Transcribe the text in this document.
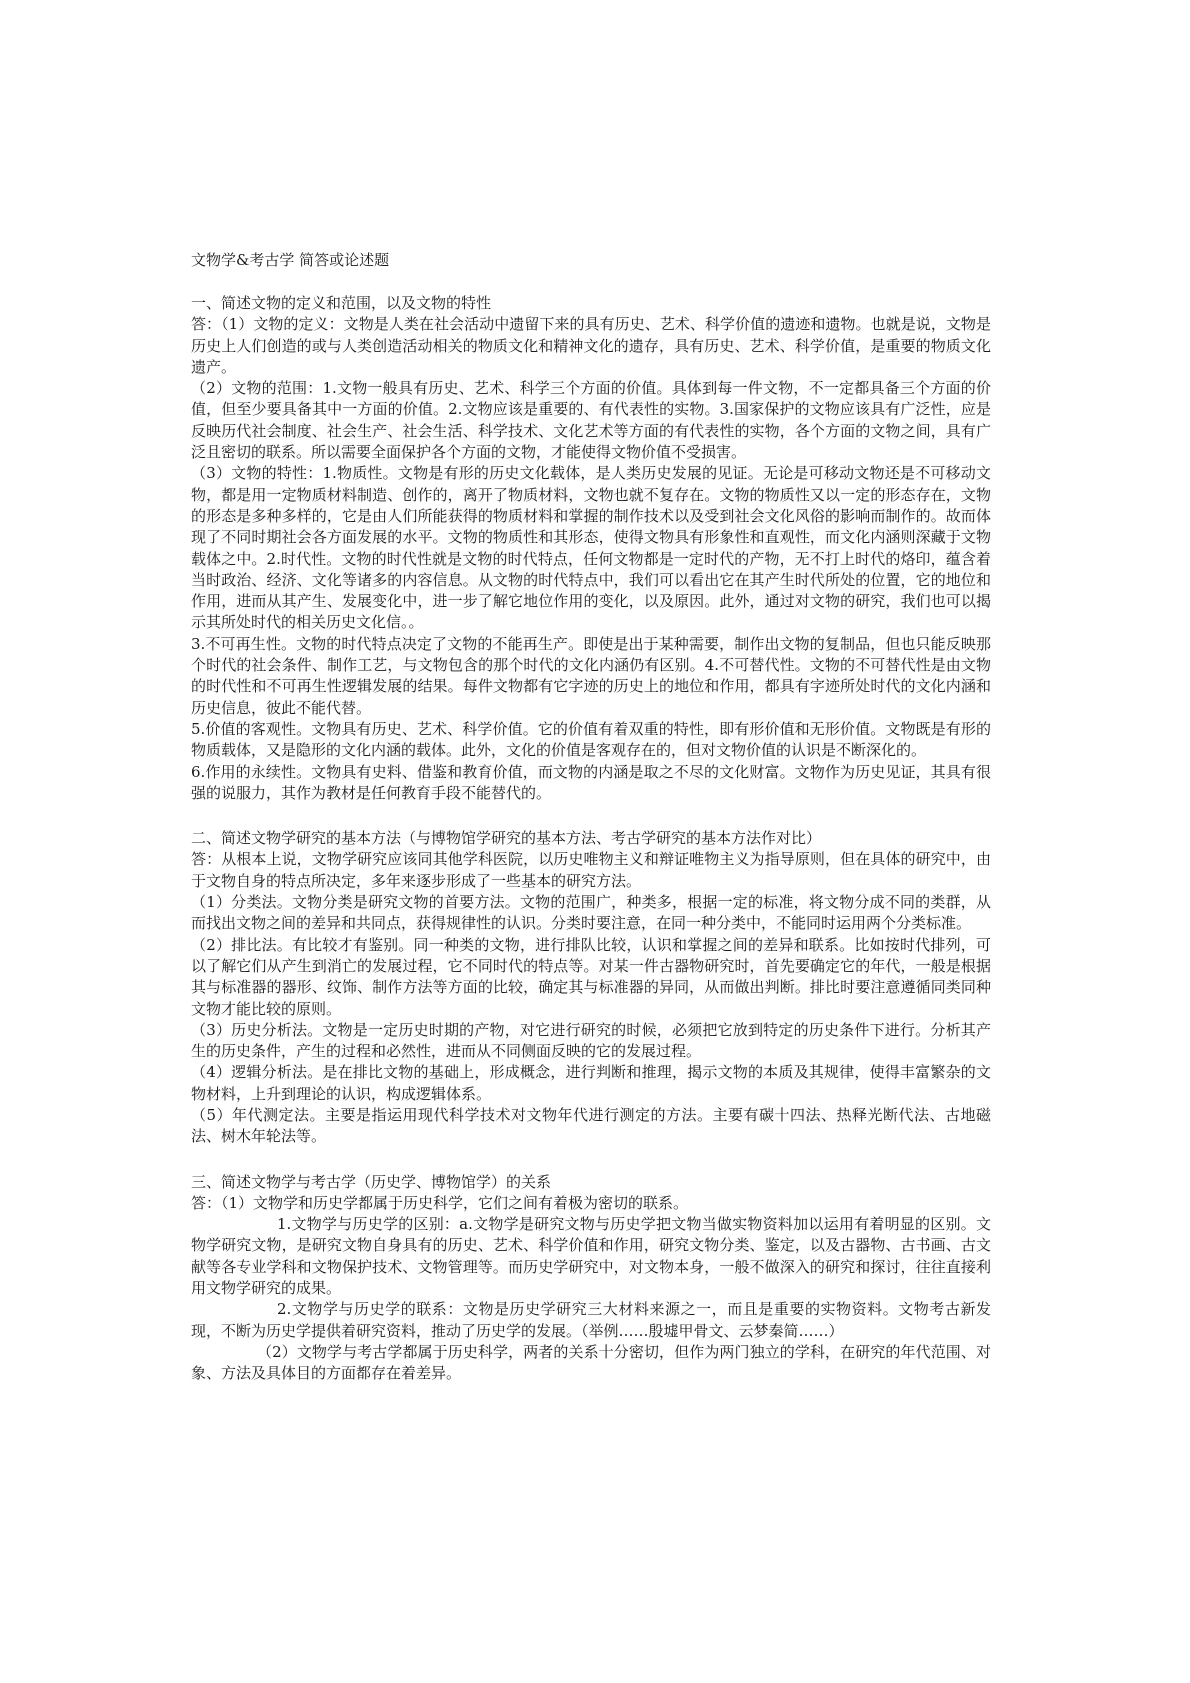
文物学&考古学 简答或论述题

一、简述文物的定义和范围，以及文物的特性

答：（1）文物的定义：文物是人类在社会活动中遗留下来的具有历史、艺术、科学价值的遗迹和遗物。也就是说，文物是历史上人们创造的或与人类创造活动相关的物质文化和精神文化的遗存，具有历史、艺术、科学价值，是重要的物质文化遗产。

（2）文物的范围：1.文物一般具有历史、艺术、科学三个方面的价值。具体到每一件文物，不一定都具备三个方面的价值，但至少要具备其中一方面的价值。2.文物应该是重要的、有代表性的实物。3.国家保护的文物应该具有广泛性，应是反映历代社会制度、社会生产、社会生活、科学技术、文化艺术等方面的有代表性的实物，各个方面的文物之间，具有广泛且密切的联系。所以需要全面保护各个方面的文物，才能使得文物价值不受损害。

（3）文物的特性：1.物质性。文物是有形的历史文化载体，是人类历史发展的见证。无论是可移动文物还是不可移动文物，都是用一定物质材料制造、创作的，离开了物质材料，文物也就不复存在。文物的物质性又以一定的形态存在，文物的形态是多种多样的，它是由人们所能获得的物质材料和掌握的制作技术以及受到社会文化风俗的影响而制作的。故而体现了不同时期社会各方面发展的水平。文物的物质性和其形态，使得文物具有形象性和直观性，而文化内涵则深藏于文物载体之中。2.时代性。文物的时代性就是文物的时代特点，任何文物都是一定时代的产物，无不打上时代的烙印，蕴含着当时政治、经济、文化等诸多的内容信息。从文物的时代特点中，我们可以看出它在其产生时代所处的位置，它的地位和作用，进而从其产生、发展变化中，进一步了解它地位作用的变化，以及原因。此外，通过对文物的研究，我们也可以揭示其所处时代的相关历史文化信。。

3.不可再生性。文物的时代特点决定了文物的不能再生产。即使是出于某种需要，制作出文物的复制品，但也只能反映那个时代的社会条件、制作工艺，与文物包含的那个时代的文化内涵仍有区别。4.不可替代性。文物的不可替代性是由文物的时代性和不可再生性逻辑发展的结果。每件文物都有它字迹的历史上的地位和作用，都具有字迹所处时代的文化内涵和历史信息，彼此不能代替。

5.价值的客观性。文物具有历史、艺术、科学价值。它的价值有着双重的特性，即有形价值和无形价值。文物既是有形的物质载体，又是隐形的文化内涵的载体。此外，文化的价值是客观存在的，但对文物价值的认识是不断深化的。

6.作用的永续性。文物具有史料、借鉴和教育价值，而文物的内涵是取之不尽的文化财富。文物作为历史见证，其具有很强的说服力，其作为教材是任何教育手段不能替代的。

二、简述文物学研究的基本方法（与博物馆学研究的基本方法、考古学研究的基本方法作对比）

答：从根本上说，文物学研究应该同其他学科医院，以历史唯物主义和辩证唯物主义为指导原则，但在具体的研究中，由于文物自身的特点所决定，多年来逐步形成了一些基本的研究方法。

（1）分类法。文物分类是研究文物的首要方法。文物的范围广，种类多，根据一定的标准，将文物分成不同的类群，从而找出文物之间的差异和共同点，获得规律性的认识。分类时要注意，在同一种分类中，不能同时运用两个分类标准。

（2）排比法。有比较才有鉴别。同一种类的文物，进行排队比较，认识和掌握之间的差异和联系。比如按时代排列，可以了解它们从产生到消亡的发展过程，它不同时代的特点等。对某一件古器物研究时，首先要确定它的年代，一般是根据其与标准器的器形、纹饰、制作方法等方面的比较，确定其与标准器的异同，从而做出判断。排比时要注意遵循同类同种文物才能比较的原则。

（3）历史分析法。文物是一定历史时期的产物，对它进行研究的时候，必须把它放到特定的历史条件下进行。分析其产生的历史条件，产生的过程和必然性，进而从不同侧面反映的它的发展过程。

（4）逻辑分析法。是在排比文物的基础上，形成概念，进行判断和推理，揭示文物的本质及其规律，使得丰富繁杂的文物材料，上升到理论的认识，构成逻辑体系。

（5）年代测定法。主要是指运用现代科学技术对文物年代进行测定的方法。主要有碳十四法、热释光断代法、古地磁法、树木年轮法等。

三、简述文物学与考古学（历史学、博物馆学）的关系

答：（1）文物学和历史学都属于历史科学，它们之间有着极为密切的联系。

1.文物学与历史学的区别：a.文物学是研究文物与历史学把文物当做实物资料加以运用有着明显的区别。文物学研究文物，是研究文物自身具有的历史、艺术、科学价值和作用，研究文物分类、鉴定，以及古器物、古书画、古文献等各专业学科和文物保护技术、文物管理等。而历史学研究中，对文物本身，一般不做深入的研究和探讨，往往直接利用文物学研究的成果。

2.文物学与历史学的联系：文物是历史学研究三大材料来源之一，而且是重要的实物资料。文物考古新发现，不断为历史学提供着研究资料，推动了历史学的发展。（举例……殷墟甲骨文、云梦秦简……）

（2）文物学与考古学都属于历史科学，两者的关系十分密切，但作为两门独立的学科，在研究的年代范围、对象、方法及具体目的方面都存在着差异。
